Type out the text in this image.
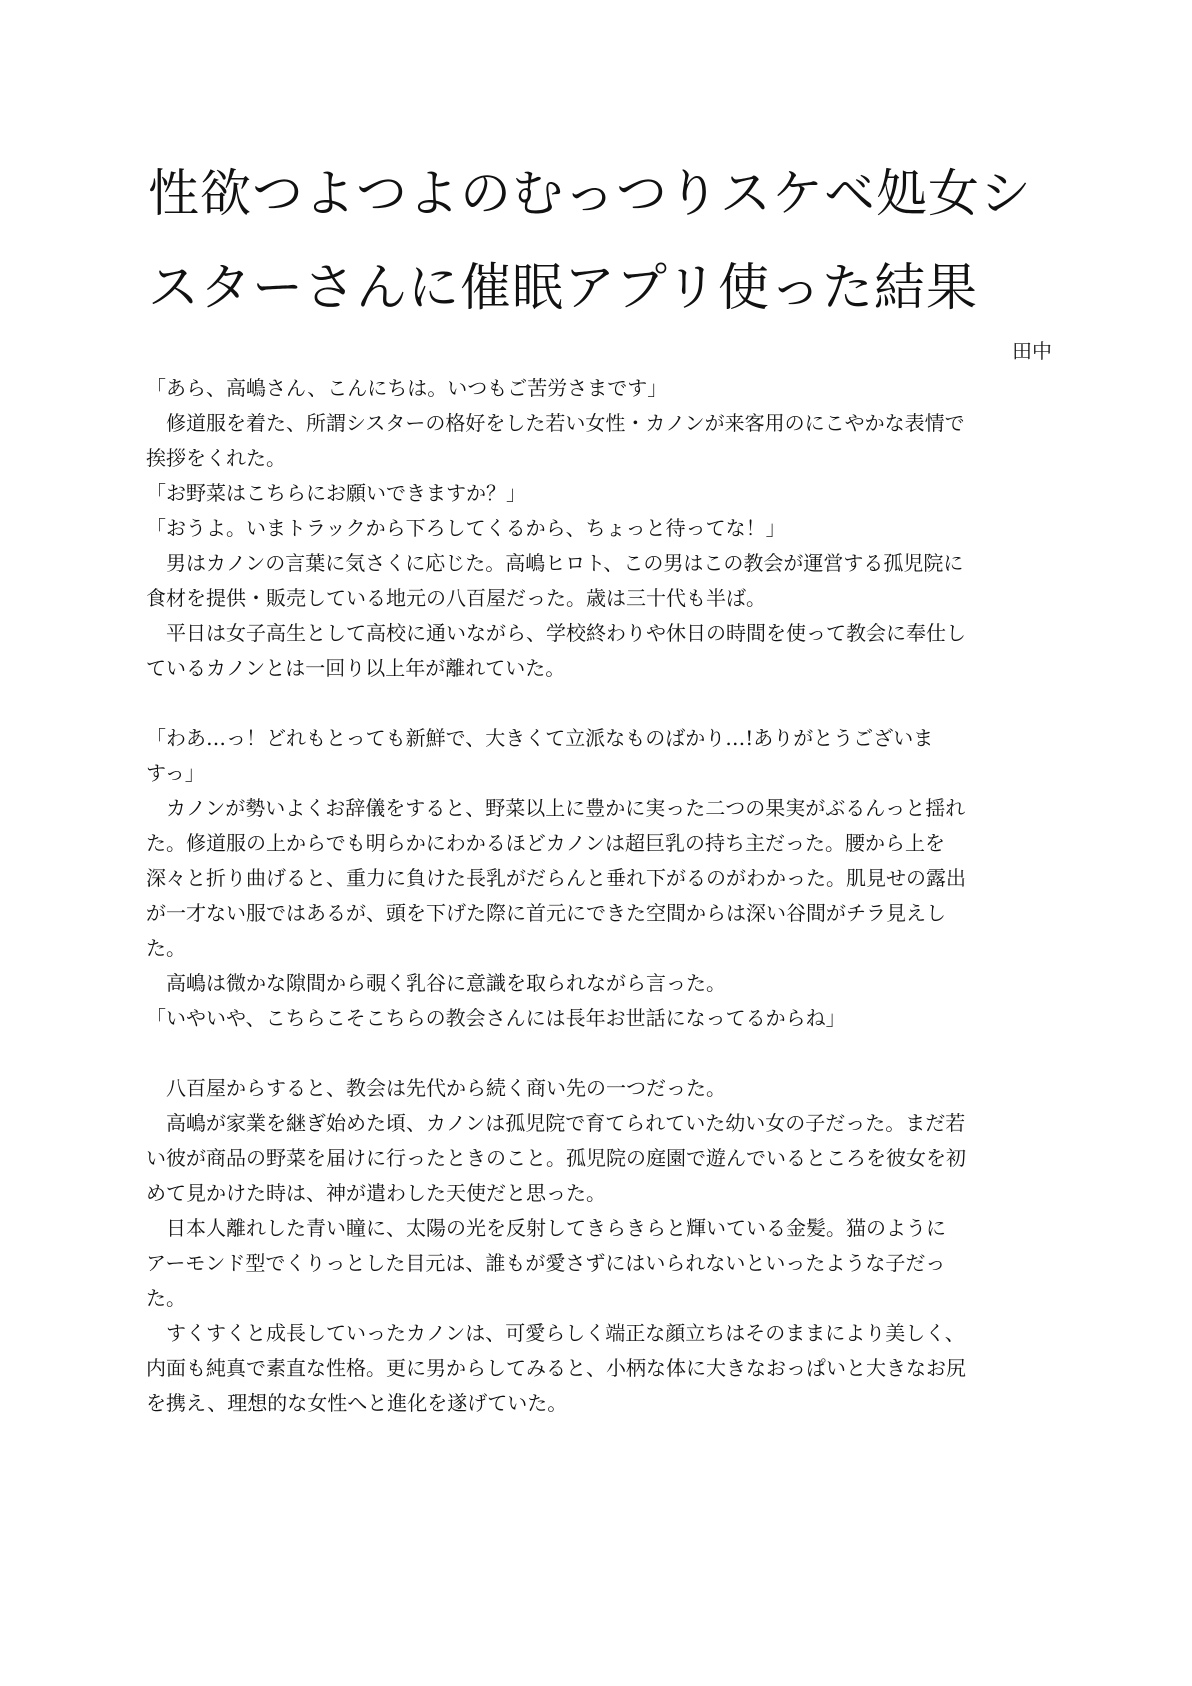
性欲つよつよのむっつりスケベ処女シ
スターさんに催眠アプリ使った結果

田中

「あら、高嶋さん、こんにちは。いつもご苦労さまです」

修道服を着た、所謂シスターの格好をした若い女性・カノンが来客用のにこやかな表情で

挨拶をくれた。

「お野菜はこちらにお願いできますか？」

「おうよ。いまトラックから下ろしてくるから、ちょっと待ってな！」

男はカノンの言葉に気さくに応じた。高嶋ヒロト、この男はこの教会が運営する孤児院に

食材を提供・販売している地元の八百屋だった。歳は三十代も半ば。

平日は女子高生として高校に通いながら、学校終わりや休日の時間を使って教会に奉仕し

ているカノンとは一回り以上年が離れていた。

「わあ…っ！どれもとっても新鮮で、大きくて立派なものばかり…!ありがとうございま

すっ」

カノンが勢いよくお辞儀をすると、野菜以上に豊かに実った二つの果実がぶるんっと揺れ

た。修道服の上からでも明らかにわかるほどカノンは超巨乳の持ち主だった。腰から上を

深々と折り曲げると、重力に負けた長乳がだらんと垂れ下がるのがわかった。肌見せの露出

が一才ない服ではあるが、頭を下げた際に首元にできた空間からは深い谷間がチラ見えし

た。

高嶋は微かな隙間から覗く乳谷に意識を取られながら言った。

「いやいや、こちらこそこちらの教会さんには長年お世話になってるからね」

八百屋からすると、教会は先代から続く商い先の一つだった。

高嶋が家業を継ぎ始めた頃、カノンは孤児院で育てられていた幼い女の子だった。まだ若

い彼が商品の野菜を届けに行ったときのこと。孤児院の庭園で遊んでいるところを彼女を初

めて見かけた時は、神が遣わした天使だと思った。

日本人離れした青い瞳に、太陽の光を反射してきらきらと輝いている金髪。猫のように

アーモンド型でくりっとした目元は、誰もが愛さずにはいられないといったような子だっ

た。

すくすくと成長していったカノンは、可愛らしく端正な顔立ちはそのままにより美しく、

内面も純真で素直な性格。更に男からしてみると、小柄な体に大きなおっぱいと大きなお尻

を携え、理想的な女性へと進化を遂げていた。
